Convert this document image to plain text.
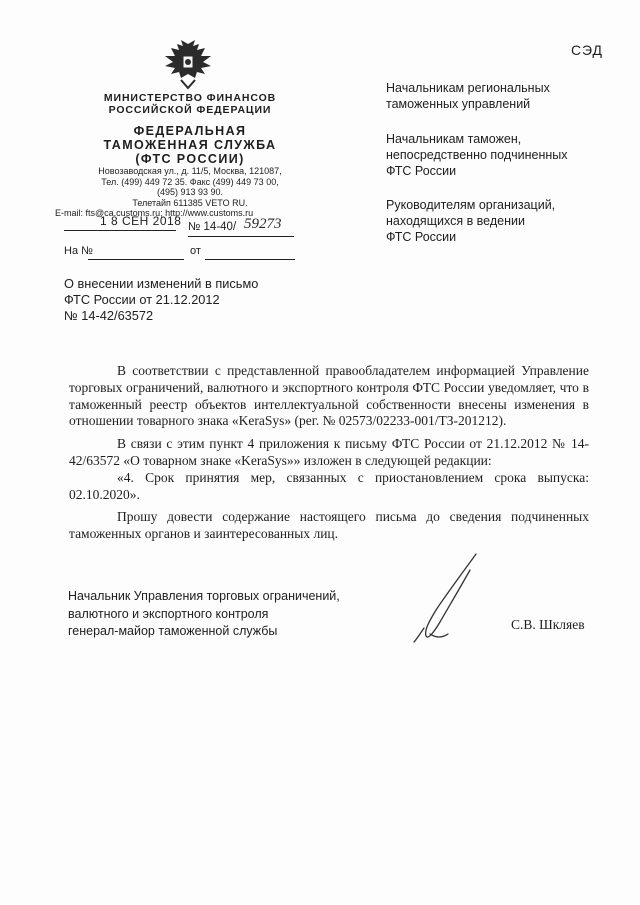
МИНИСТЕРСТВО ФИНАНСОВ
РОССИЙСКОЙ ФЕДЕРАЦИИ
ФЕДЕРАЛЬНАЯ
ТАМОЖЕННАЯ СЛУЖБА
(ФТС РОССИИ)
Новозаводская ул., д. 11/5, Москва, 121087,
Тел. (499) 449 72 35. Факс (499) 449 73 00,
(495) 913 93 90.
Телетайп 611385 VETO RU.
E-mail: fts@ca.customs.ru; http://www.customs.ru
1 8 СЕН 2018 № 14-40/ 59273
На №	от
СЭД
Начальникам региональных
таможенных управлений
Начальникам таможен,
непосредственно подчиненных
ФТС России
Руководителям организаций,
находящихся в ведении
ФТС России
О внесении изменений в письмо
ФТС России от 21.12.2012
№ 14-42/63572

В соответствии с представленной правообладателем информацией Управление торговых ограничений, валютного и экспортного контроля ФТС России уведомляет, что в таможенный реестр объектов интеллектуальной собственности внесены изменения в отношении товарного знака «KeraSys» (рег. № 02573/02233-001/ТЗ-201212).

В связи с этим пункт 4 приложения к письму ФТС России от 21.12.2012 № 14-42/63572 «О товарном знаке «KeraSys»» изложен в следующей редакции:

«4. Срок принятия мер, связанных с приостановлением срока выпуска: 02.10.2020».

Прошу довести содержание настоящего письма до сведения подчиненных таможенных органов и заинтересованных лиц.

Начальник Управления торговых ограничений,
валютного и экспортного контроля
генерал-майор таможенной службы	С.В. Шкляев
